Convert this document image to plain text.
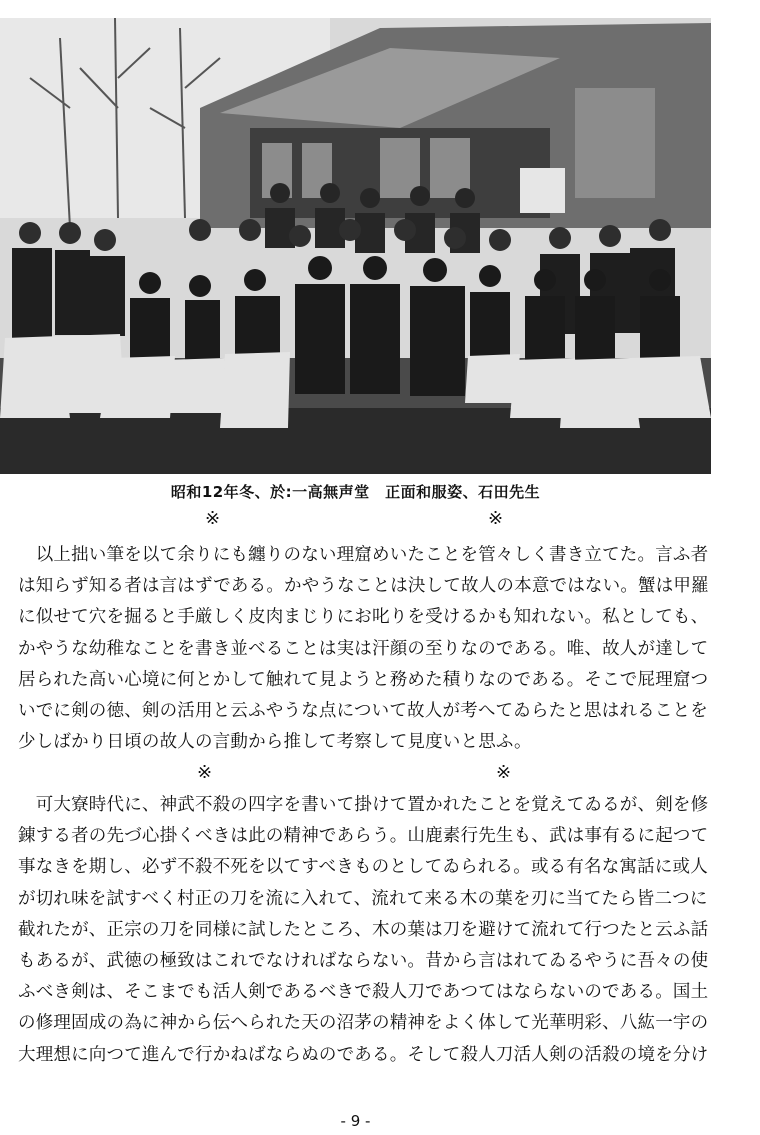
昭和12年冬、於:一高無声堂　正面和服姿、石田先生
※	※

　以上拙い筆を以て余りにも纏りのない理窟めいたことを管々しく書き立てた。言ふ者
は知らず知る者は言はずである。かやうなことは決して故人の本意ではない。蟹は甲羅
に似せて穴を掘ると手厳しく皮肉まじりにお叱りを受けるかも知れない。私としても、
かやうな幼稚なことを書き並べることは実は汗顔の至りなのである。唯、故人が達して
居られた高い心境に何とかして触れて見ようと務めた積りなのである。そこで屁理窟つ
いでに剣の徳、剣の活用と云ふやうな点について故人が考へてゐらたと思はれることを
少しばかり日頃の故人の言動から推して考察して見度いと思ふ。

※	※

　可大寮時代に、神武不殺の四字を書いて掛けて置かれたことを覚えてゐるが、剣を修
錬する者の先づ心掛くべきは此の精神であらう。山鹿素行先生も、武は事有るに起つて
事なきを期し、必ず不殺不死を以てすべきものとしてゐられる。或る有名な寓話に或人
が切れ味を試すべく村正の刀を流に入れて、流れて来る木の葉を刃に当てたら皆二つに
截れたが、正宗の刀を同様に試したところ、木の葉は刀を避けて流れて行つたと云ふ話
もあるが、武徳の極致はこれでなければならない。昔から言はれてゐるやうに吾々の使
ふべき剣は、そこまでも活人剣であるべきで殺人刀であつてはならないのである。国土
の修理固成の為に神から伝へられた天の沼茅の精神をよく体して光華明彩、八紘一宇の
大理想に向つて進んで行かねばならぬのである。そして殺人刀活人剣の活殺の境を分け

- 9 -
